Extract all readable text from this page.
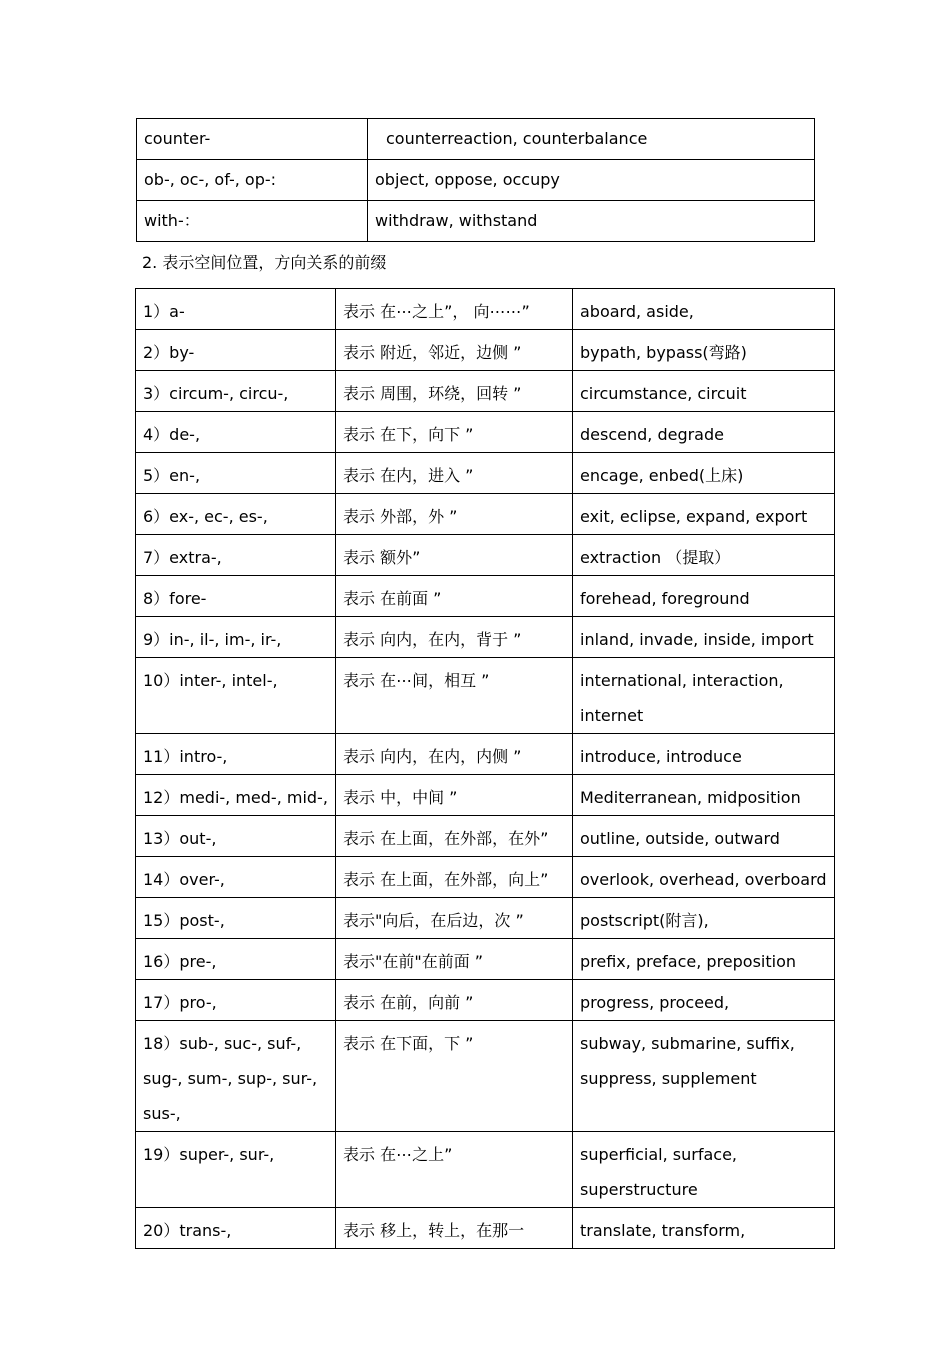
counter-	counterreaction, counterbalance
ob-, oc-, of-, op-:	object, oppose, occupy
with-：	withdraw, withstand
2. 表示空间位置，方向关系的前缀
1）a-	表示 在⋯之上”， 向⋯⋯”	aboard, aside,
2）by-	表示 附近，邻近，边侧 ”	bypath, bypass(弯路)
3）circum-, circu-,	表示 周围，环绕，回转 ”	circumstance, circuit
4）de-,	表示 在下，向下 ”	descend, degrade
5）en-,	表示 在内，进入 ”	encage, enbed(上床)
6）ex-, ec-, es-,	表示 外部，外 ”	exit, eclipse, expand, export
7）extra-,	表示 额外”	extraction （提取）
8）fore-	表示 在前面 ”	forehead, foreground
9）in-, il-, im-, ir-,	表示 向内，在内，背于 ”	inland, invade, inside, import
10）inter-, intel-,	表示 在⋯间，相互 ”	international, interaction, internet
11）intro-,	表示 向内，在内，内侧 ”	introduce, introduce
12）medi-, med-, mid-,	表示 中，中间 ”	Mediterranean, midposition
13）out-,	表示 在上面，在外部，在外”	outline, outside, outward
14）over-,	表示 在上面，在外部，向上”	overlook, overhead, overboard
15）post-,	表示"向后，在后边，次 ”	postscript(附言),
16）pre-,	表示"在前"在前面 ”	prefix, preface, preposition
17）pro-,	表示 在前，向前 ”	progress, proceed,
18）sub-, suc-, suf-, sug-, sum-, sup-, sur-, sus-,	表示 在下面，下 ”	subway, submarine, suffix, suppress, supplement
19）super-, sur-,	表示 在⋯之上”	superficial, surface, superstructure
20）trans-,	表示 移上，转上，在那一	translate, transform,
